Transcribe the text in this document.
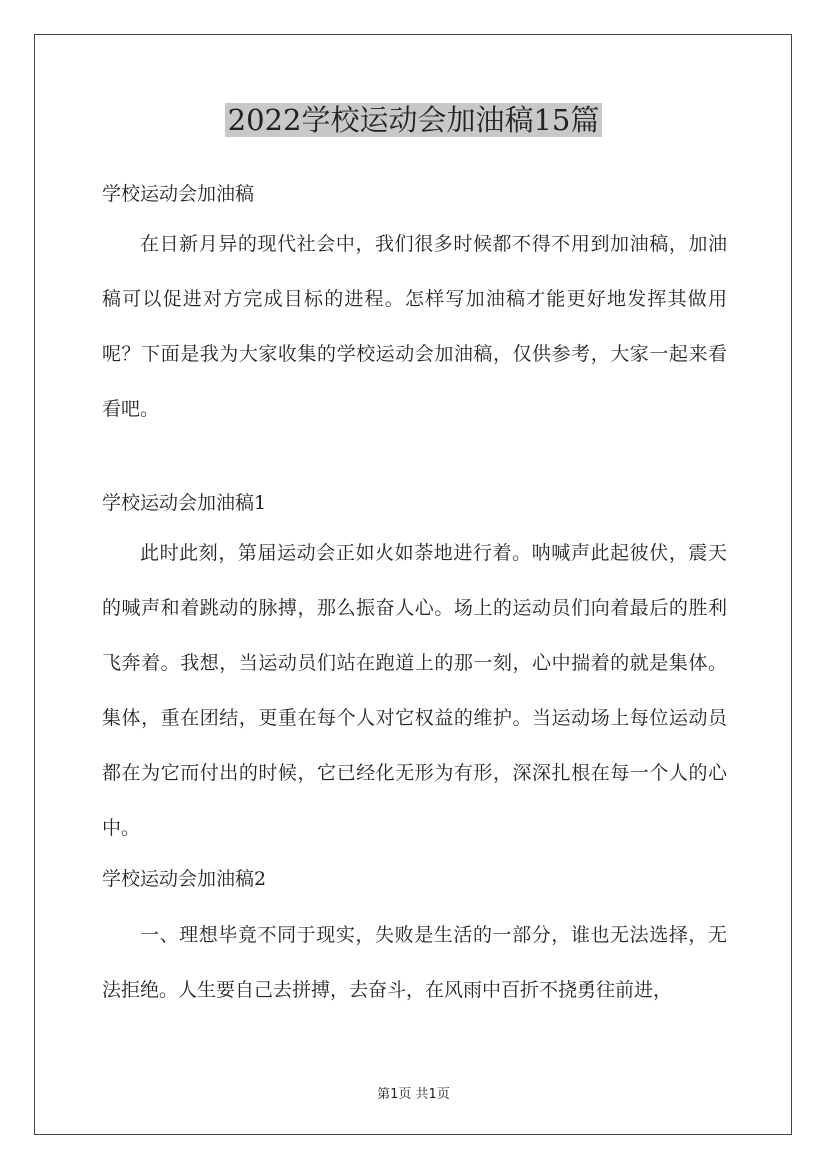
2022学校运动会加油稿15篇

学校运动会加油稿

在日新月异的现代社会中，我们很多时候都不得不用到加油稿，加油稿可以促进对方完成目标的进程。怎样写加油稿才能更好地发挥其做用呢？下面是我为大家收集的学校运动会加油稿，仅供参考，大家一起来看看吧。

学校运动会加油稿1

此时此刻，第届运动会正如火如荼地进行着。呐喊声此起彼伏，震天的喊声和着跳动的脉搏，那么振奋人心。场上的运动员们向着最后的胜利飞奔着。我想，当运动员们站在跑道上的那一刻，心中揣着的就是集体。集体，重在团结，更重在每个人对它权益的维护。当运动场上每位运动员都在为它而付出的时候，它已经化无形为有形，深深扎根在每一个人的心中。

学校运动会加油稿2

一、理想毕竟不同于现实，失败是生活的一部分，谁也无法选择，无法拒绝。人生要自己去拼搏，去奋斗，在风雨中百折不挠勇往前进，

第1页 共1页
